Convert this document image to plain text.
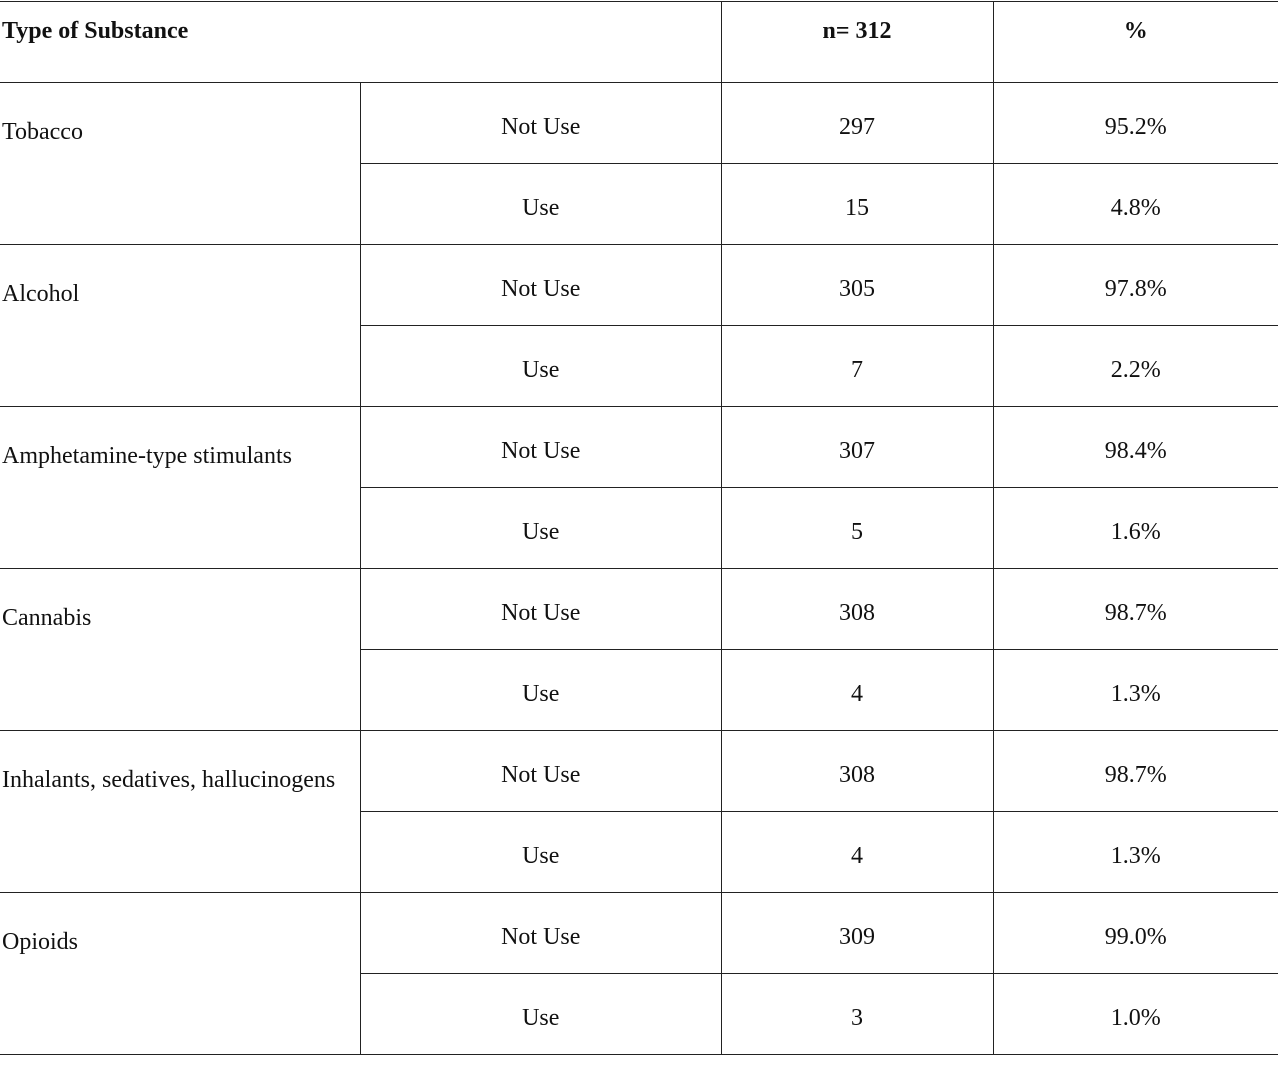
Type of Substance		n= 312	%
Tobacco	Not Use	297	95.2%
	Use	15	4.8%
Alcohol	Not Use	305	97.8%
	Use	7	2.2%
Amphetamine-type stimulants	Not Use	307	98.4%
	Use	5	1.6%
Cannabis	Not Use	308	98.7%
	Use	4	1.3%
Inhalants, sedatives, hallucinogens	Not Use	308	98.7%
	Use	4	1.3%
Opioids	Not Use	309	99.0%
	Use	3	1.0%
